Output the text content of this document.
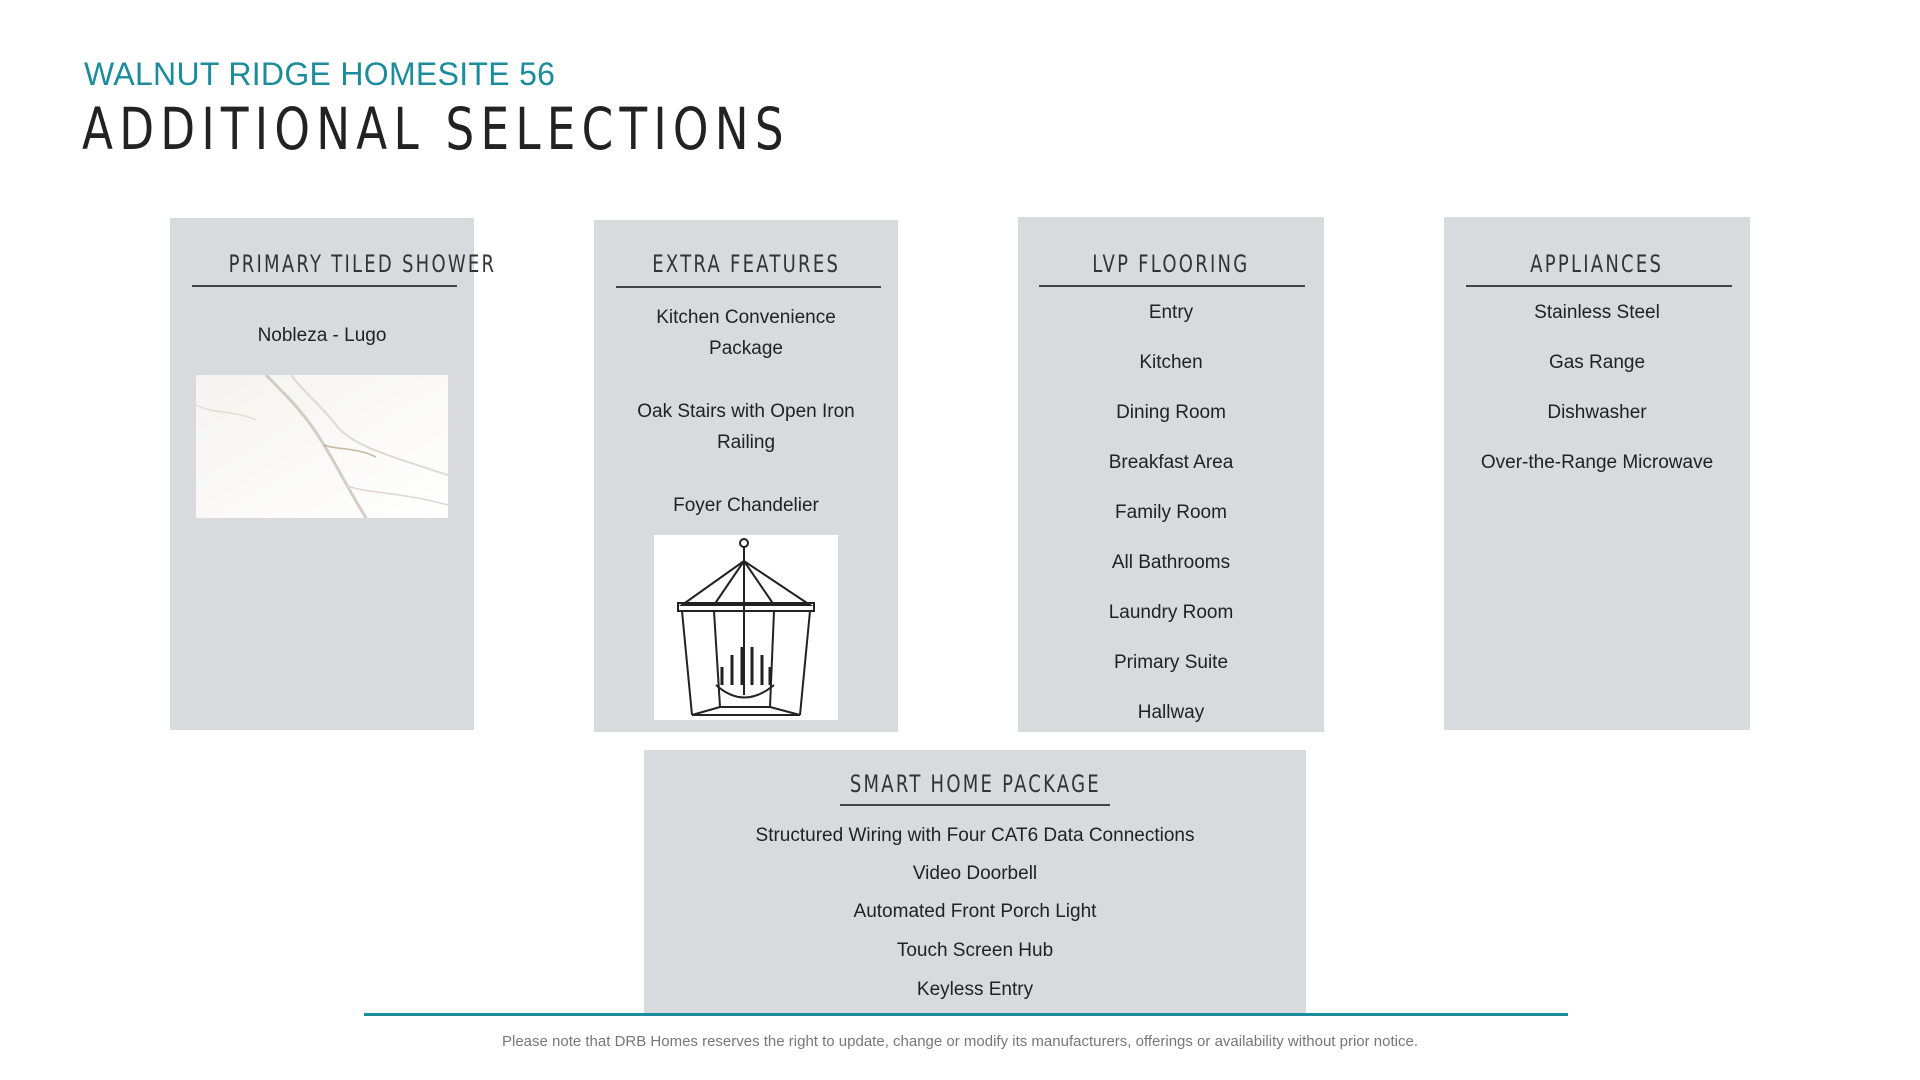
WALNUT RIDGE HOMESITE 56
ADDITIONAL SELECTIONS
PRIMARY TILED SHOWER
Nobleza - Lugo
EXTRA FEATURES
Kitchen Convenience Package
Oak Stairs with Open Iron Railing
Foyer Chandelier
LVP FLOORING
Entry
Kitchen
Dining Room
Breakfast Area
Family Room
All Bathrooms
Laundry Room
Primary Suite
Hallway
APPLIANCES
Stainless Steel
Gas Range
Dishwasher
Over-the-Range Microwave
SMART HOME PACKAGE
Structured Wiring with Four CAT6 Data Connections
Video Doorbell
Automated Front Porch Light
Touch Screen Hub
Keyless Entry
Please note that DRB Homes reserves the right to update, change or modify its manufacturers, offerings or availability without prior notice.
